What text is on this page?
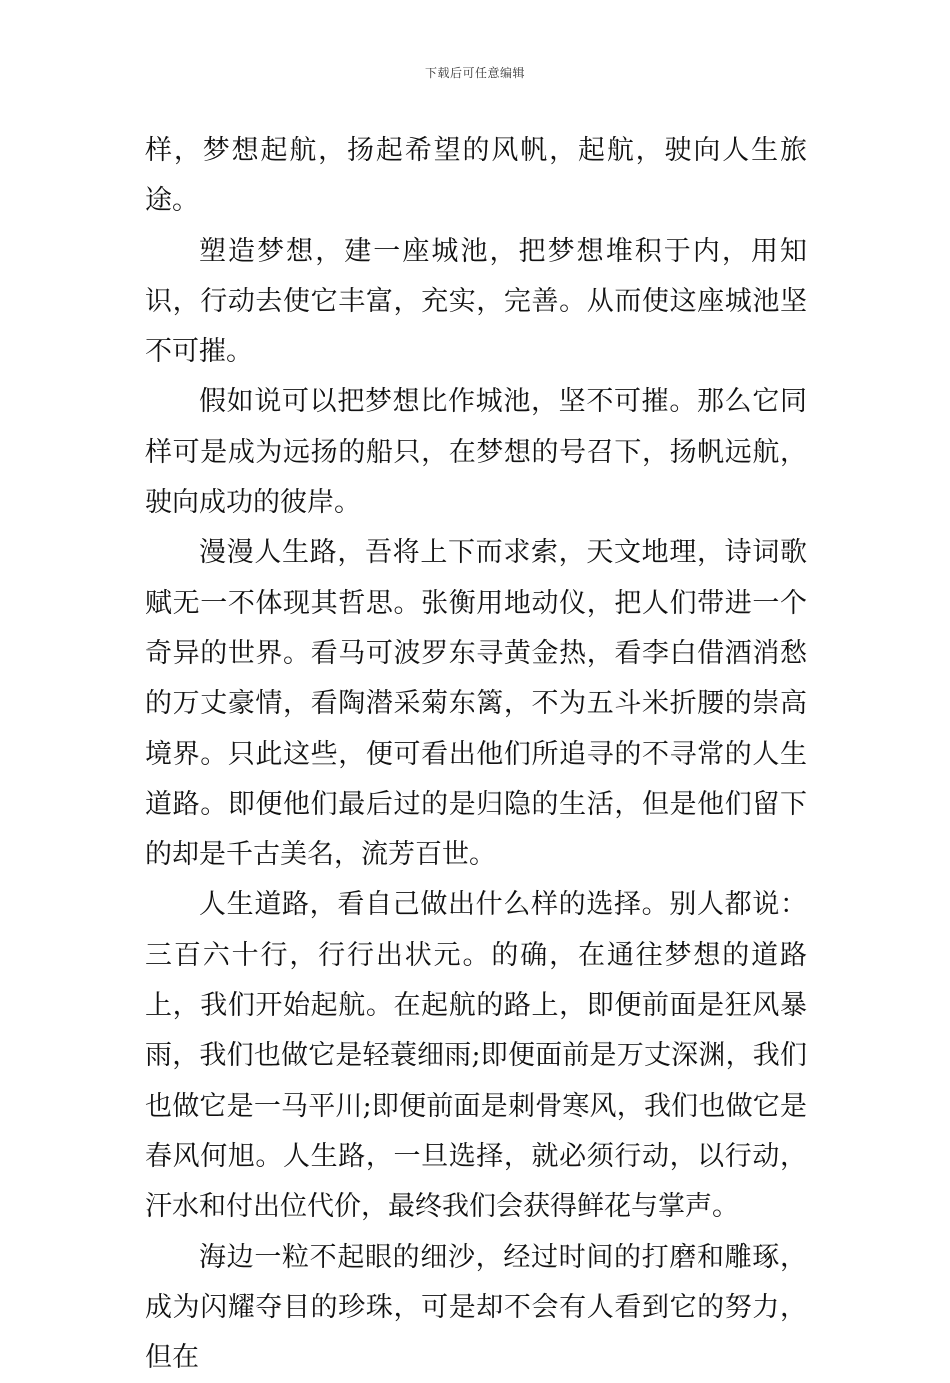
下载后可任意编辑

样，梦想起航，扬起希望的风帆，起航，驶向人生旅途。

塑造梦想，建一座城池，把梦想堆积于内，用知识，行动去使它丰富，充实，完善。从而使这座城池坚不可摧。

假如说可以把梦想比作城池，坚不可摧。那么它同样可是成为远扬的船只，在梦想的号召下，扬帆远航，驶向成功的彼岸。

漫漫人生路，吾将上下而求索，天文地理，诗词歌赋无一不体现其哲思。张衡用地动仪，把人们带进一个奇异的世界。看马可波罗东寻黄金热，看李白借酒消愁的万丈豪情，看陶潜采菊东篱，不为五斗米折腰的崇高境界。只此这些，便可看出他们所追寻的不寻常的人生道路。即便他们最后过的是归隐的生活，但是他们留下的却是千古美名，流芳百世。

人生道路，看自己做出什么样的选择。别人都说：三百六十行，行行出状元。的确，在通往梦想的道路上，我们开始起航。在起航的路上，即便前面是狂风暴雨，我们也做它是轻蓑细雨;即便面前是万丈深渊，我们也做它是一马平川;即便前面是刺骨寒风，我们也做它是春风何旭。人生路，一旦选择，就必须行动，以行动，汗水和付出位代价，最终我们会获得鲜花与掌声。

海边一粒不起眼的细沙，经过时间的打磨和雕琢，成为闪耀夺目的珍珠，可是却不会有人看到它的努力，但在
